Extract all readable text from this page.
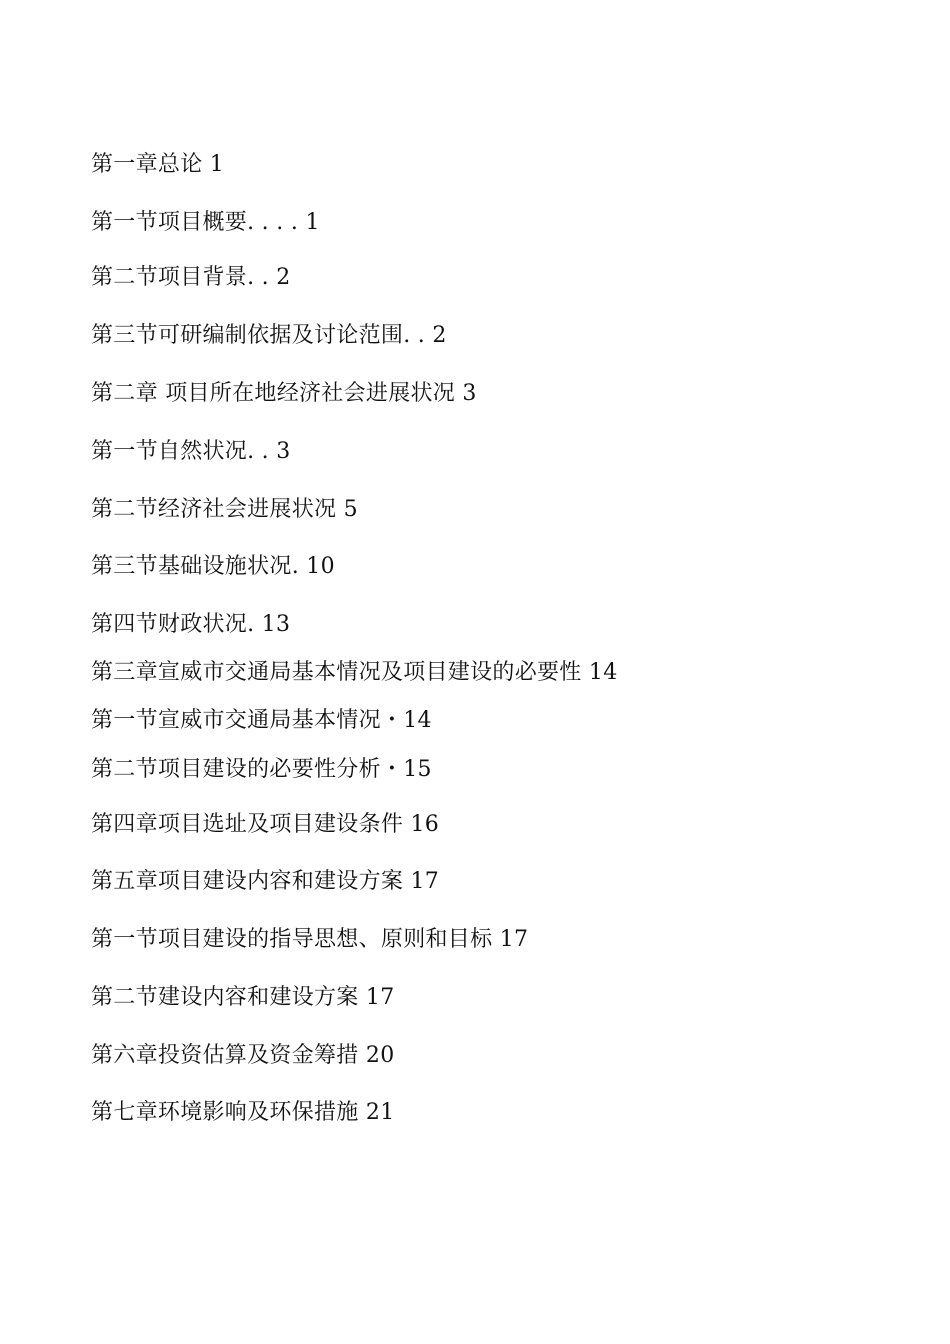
第一章总论 1
第一节项目概要. . . . 1
第二节项目背景. . 2
第三节可研编制依据及讨论范围. . 2
第二章 项目所在地经济社会进展状况 3
第一节自然状况. . 3
第二节经济社会进展状况 5
第三节基础设施状况. 10
第四节财政状况. 13
第三章宣威市交通局基本情况及项目建设的必要性 14
第一节宣威市交通局基本情况・14
第二节项目建设的必要性分析・15
第四章项目选址及项目建设条件 16
第五章项目建设内容和建设方案 17
第一节项目建设的指导思想、原则和目标 17
第二节建设内容和建设方案 17
第六章投资估算及资金筹措 20
第七章环境影响及环保措施 21
